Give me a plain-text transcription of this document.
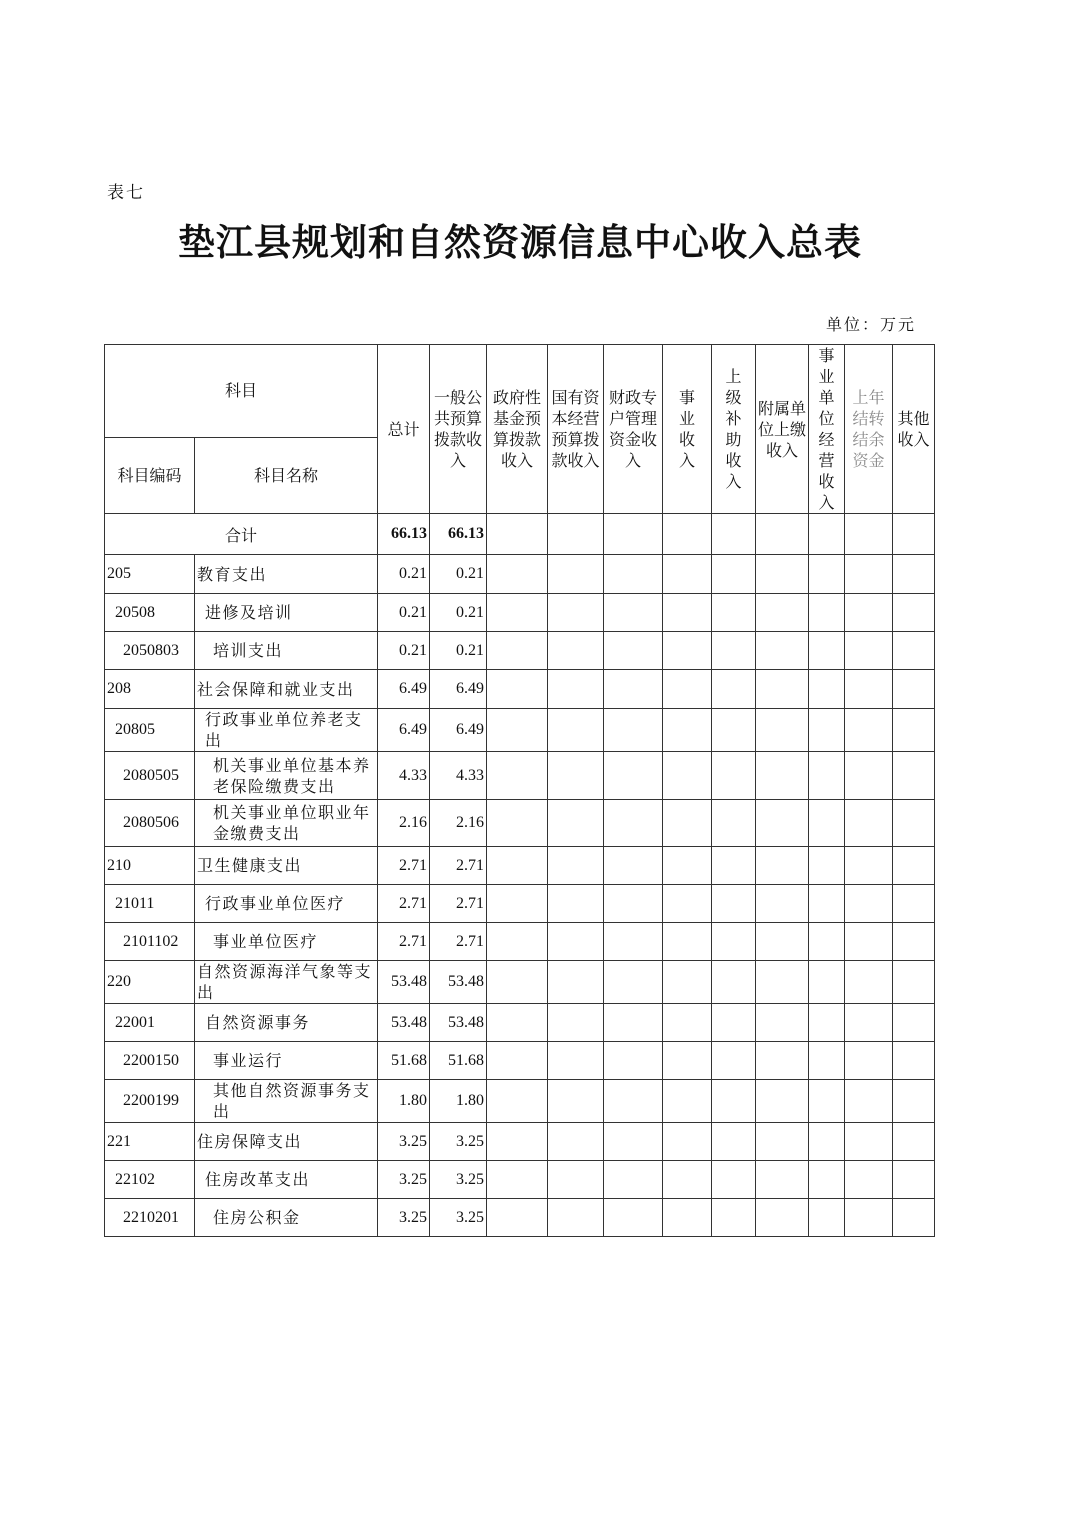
表七
垫江县规划和自然资源信息中心收入总表
单位：万元
科目		总计	一般公共预算拨款收入	政府性基金预算拨款收入	国有资本经营预算拨款收入	财政专户管理资金收入	事业收入	上级补助收入	附属单位上缴收入	事业单位经营收入	上年结转结余资金	其他收入

科目编码	科目名称											
合计		66.13	66.13									
205	教育支出	0.21	0.21									
20508	进修及培训	0.21	0.21									
2050803	培训支出	0.21	0.21									
208	社会保障和就业支出	6.49	6.49									
20805	行政事业单位养老支出	6.49	6.49									
2080505	机关事业单位基本养老保险缴费支出	4.33	4.33									
2080506	机关事业单位职业年金缴费支出	2.16	2.16									
210	卫生健康支出	2.71	2.71									
21011	行政事业单位医疗	2.71	2.71									
2101102	事业单位医疗	2.71	2.71									
220	自然资源海洋气象等支出	53.48	53.48									
22001	自然资源事务	53.48	53.48									
2200150	事业运行	51.68	51.68									
2200199	其他自然资源事务支出	1.80	1.80									
221	住房保障支出	3.25	3.25									
22102	住房改革支出	3.25	3.25									
2210201	住房公积金	3.25	3.25									
